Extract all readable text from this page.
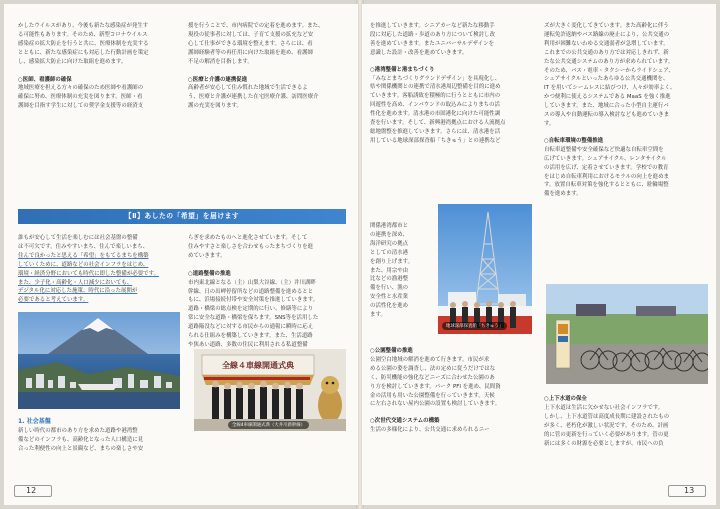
かしたウイルスがあり、今後も新たな感染症が発生す

る可能性もあります。そのため、新型コロナウイルス

感染症の拡大防止を行うと共に、医療体制を充実する

とともに、新たな感染症にも対応した行動計画を策定

し、感染拡大防止に向けた取組を進めます。

○医師、看護師の確保

地域医療を担える方々の確保のため医師や看護師の

確保に努め、医療体制の充実を図ります。医師・看

護師を目指す学生に対しての奨学金支援等の経済支

援を行うことで、市内病院での定着を進めます。また、

現役の従事者に対しては、子育て支援の拡充など安

心して仕事ができる環境を整えます。さらには、看

護師経験者等の再任用に向けた取組を進め、看護師

不足の解消を目指します。

○医療と介護の連携促進

高齢者が安心して住み慣れた地域で生活できるよ

う、医療と介護が連携した在宅医療介護、訪問医療介

護の充実を図ります。

【Ⅱ】あしたの「希望」を届けます

誰もが安心して生活を楽しむには社会基盤の整備

は不可欠です。住みやすいまち、住んで楽しいまち、

住んで良かったと思える「希望」をもてるまちを構築

していくために、道路などの社会インフラをはじめ、

環境・経済分野においても時代に即した整備が必要です。

また、少子化・高齢化・人口減少においても、

デジタル化に対応した施策、時代に沿った展開が

必要であると考えています。

らぎを求めたものへと進化させています。そして

住みやすさと楽しさを合わせもったまちづくりを進

めていきます。

○道路整備の推進

市内東北線となる（主）山梨大谷線、（主）井川湖畔

幹線、日の出岬停留所などの道路整備を進めるとと

もに、浜場接続付帯や安全対策を推進していきます。

道路・橋梁の総点検を定期的に行い、修繕等により

常に安全な道路・橋梁を保ちます。SNS等を活用した

道路陥没などに対する市民からの通報に瞬時に応え

られる仕組みを構築していきます。また、生活道路

や狭あい道路、多数の住民に利用される私道整備

全線４車線開通式典
全線4車線開通式典（大井川新幹線）

1. 社会基盤

新しい時代の都市のあり方を求めた道路や港湾整

備などのインフラも、高齢化となった人口構造に見

合った利便性の向上と景観など、まちの楽しさや安

12

を推進していきます。シニアカーなど新たな移動手

段に対応した道路・歩道のあり方について検討し改

善を進めていきます。またユニバーサルデザインを

意識した設計・改善を進めていきます。

○港湾整備と港まちづくり

「みなとまちづくりグランドデザイン」を具現化し、

県や関係機関との連携で清水港周辺整備を目的に進め

ていきます。客船誘致を積極的に行うとともに市内の

回遊性を高め、インバウンドの取込みによりまちの活

性化を進めます。清水港の市固港化に向けた可能性調

査を行います。そして、新興港湾拠点における人流拠点

総地盤整を推進していきます。さらには、清水港を活

用している地球深部探査船「ちきゅう」との連携など

関係港湾都市と

の連携を深め、

海洋研究の拠点

としての清水港

を創り上げます。

また、用宗や由

比などの漁港整

備を行い、漁の

安全性と水産業

の活性化を進め

ます。

地球深部探査船「ちきゅう」

○公園整備の推進

公園空白地域の解消を進めて行きます。市民が求

める公園の姿を調査し、法の定めに従うだけではな

く、防災機能の強化などニーズに合わせた公園のあ

り方を検討していきます。パーク PFI を進め、民間資

金の活用も用いた公園整備を行っていきます。天候

に左右されない屋内公園の設置も検討していきます。

○次世代交通システムの構築

生活の多様化により、公共交通に求められるニー

ズが大きく変化してきています。また高齢化に伴う

運転免許返納やバス路線の廃止により、公共交通の

利用が困難ないわゆる交通弱者が急増しています。

これまでの公共交通のあり方では対応しきれず、新

たな公共交通システムのあり方が求められています。

そのため、バス・電車・タクシーからライドシェア、

シェアサイクルといったあらゆる公共交通機関を、

IT を用いてシームレスに結びつけ、人々が効率よく、

かつ便利に使えるシステムである MaaS を強く推進

していきます。また、地域に合った小型自主運行バ

スの導入や自動運転の導入検討なども進めていきま

す。

○自転車環境の整備推進

自転車道整備や安全確保など快適な自転車空間を

広げていきます。シェアサイクル、レンタサイクル

の活用を広げ、定着させていきます。学校での教育

をはじめ自転車利用におけるモラルの向上を進めま

す。放置自転車対策を強化するとともに、駐輪場整

備を進めます。

○上下水道の保全

上下水道は生活に欠かせない社会インフラです。

しかし、上下水道管は高度成長期に建設されたもの

が多く、老朽化が激しい状況です。そのため、計画

的に管の更新を行っていく必要があります。管の更

新には多くの財源を必要としますが、市民への負

13
